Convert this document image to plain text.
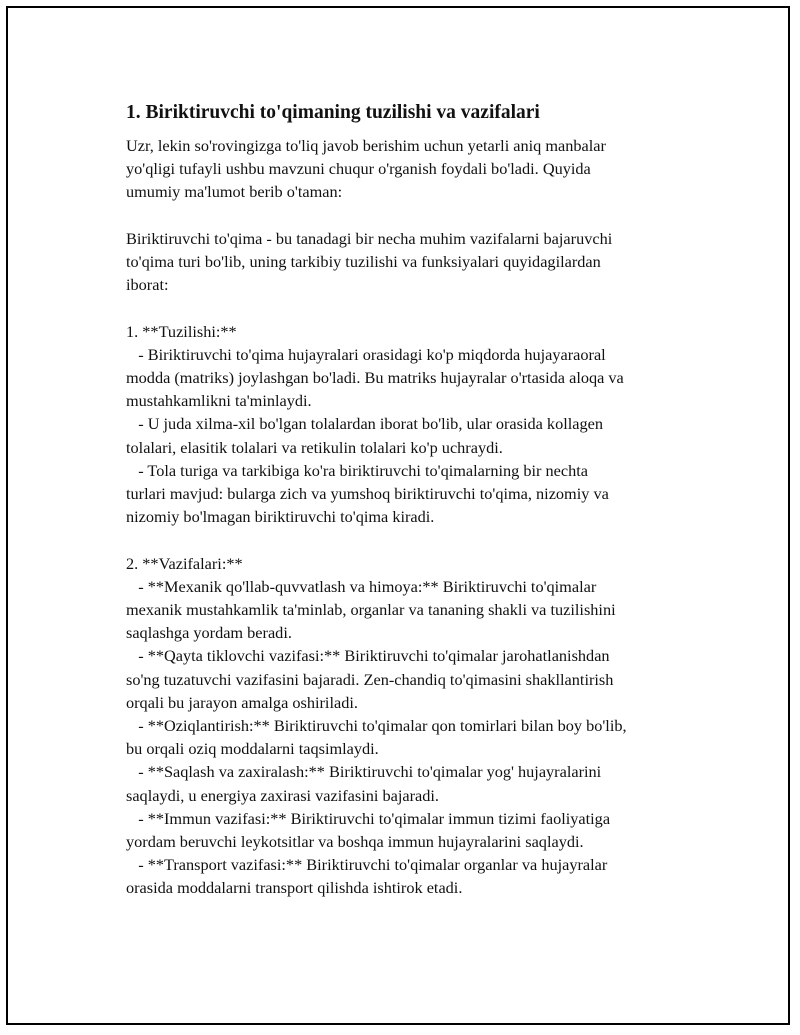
1. Biriktiruvchi to'qimaning tuzilishi va vazifalari

Uzr, lekin so'rovingizga to'liq javob berishim uchun yetarli aniq manbalar
yo'qligi tufayli ushbu mavzuni chuqur o'rganish foydali bo'ladi. Quyida
umumiy ma'lumot berib o'taman:

Biriktiruvchi to'qima - bu tanadagi bir necha muhim vazifalarni bajaruvchi
to'qima turi bo'lib, uning tarkibiy tuzilishi va funksiyalari quyidagilardan
iborat:

1. **Tuzilishi:**
- Biriktiruvchi to'qima hujayralari orasidagi ko'p miqdorda hujayaraoral
modda (matriks) joylashgan bo'ladi. Bu matriks hujayralar o'rtasida aloqa va
mustahkamlikni ta'minlaydi.
- U juda xilma-xil bo'lgan tolalardan iborat bo'lib, ular orasida kollagen
tolalari, elasitik tolalari va retikulin tolalari ko'p uchraydi.
- Tola turiga va tarkibiga ko'ra biriktiruvchi to'qimalarning bir nechta
turlari mavjud: bularga zich va yumshoq biriktiruvchi to'qima, nizomiy va
nizomiy bo'lmagan biriktiruvchi to'qima kiradi.

2. **Vazifalari:**
- **Mexanik qo'llab-quvvatlash va himoya:** Biriktiruvchi to'qimalar
mexanik mustahkamlik ta'minlab, organlar va tananing shakli va tuzilishini
saqlashga yordam beradi.
- **Qayta tiklovchi vazifasi:** Biriktiruvchi to'qimalar jarohatlanishdan
so'ng tuzatuvchi vazifasini bajaradi. Zen-chandiq to'qimasini shakllantirish
orqali bu jarayon amalga oshiriladi.
- **Oziqlantirish:** Biriktiruvchi to'qimalar qon tomirlari bilan boy bo'lib,
bu orqali oziq moddalarni taqsimlaydi.
- **Saqlash va zaxiralash:** Biriktiruvchi to'qimalar yog' hujayralarini
saqlaydi, u energiya zaxirasi vazifasini bajaradi.
- **Immun vazifasi:** Biriktiruvchi to'qimalar immun tizimi faoliyatiga
yordam beruvchi leykotsitlar va boshqa immun hujayralarini saqlaydi.
- **Transport vazifasi:** Biriktiruvchi to'qimalar organlar va hujayralar
orasida moddalarni transport qilishda ishtirok etadi.
